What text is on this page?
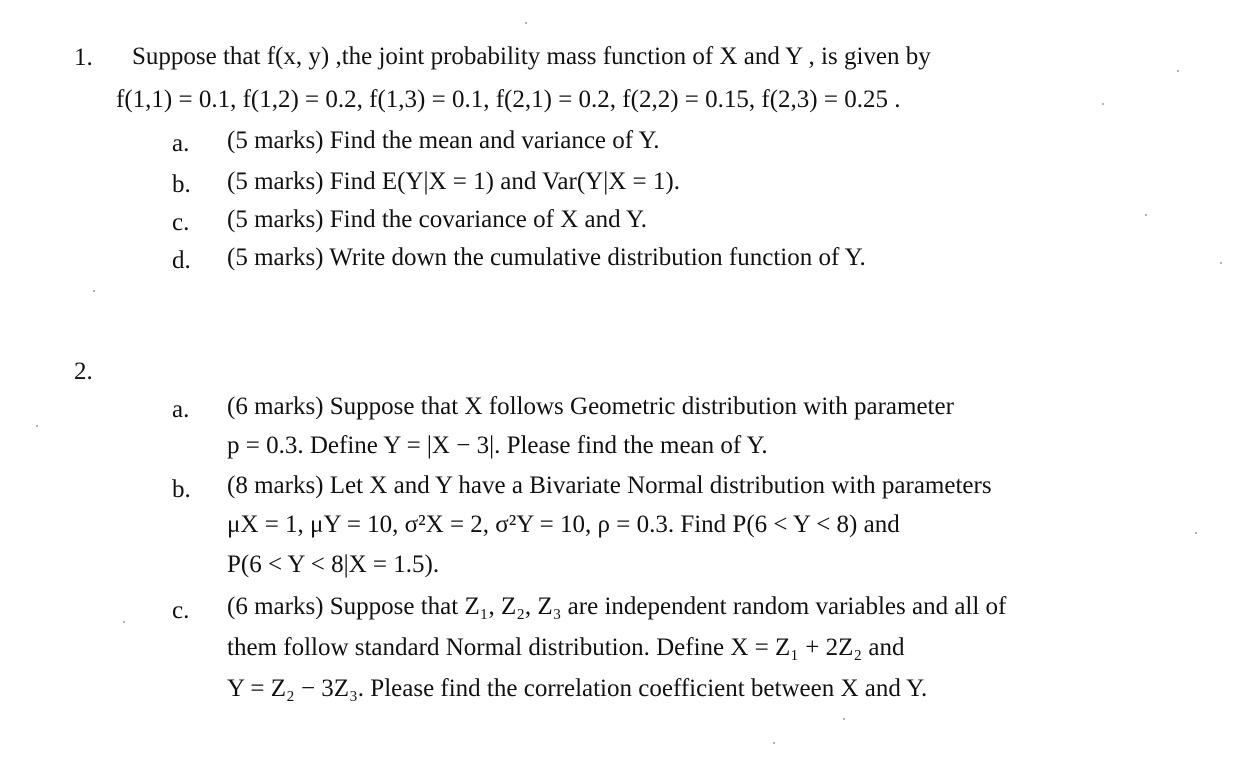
1. Suppose that f(x, y) ,the joint probability mass function of X and Y , is given by
f(1,1) = 0.1, f(1,2) = 0.2, f(1,3) = 0.1, f(2,1) = 0.2, f(2,2) = 0.15, f(2,3) = 0.25 .
a. (5 marks) Find the mean and variance of Y.
b. (5 marks) Find E(Y|X = 1) and Var(Y|X = 1).
c. (5 marks) Find the covariance of X and Y.
d. (5 marks) Write down the cumulative distribution function of Y.
2.
a. (6 marks) Suppose that X follows Geometric distribution with parameter
p = 0.3. Define Y = |X − 3|. Please find the mean of Y.
b. (8 marks) Let X and Y have a Bivariate Normal distribution with parameters
μX = 1, μY = 10, σ²X = 2, σ²Y = 10, ρ = 0.3. Find P(6 < Y < 8) and
P(6 < Y < 8|X = 1.5).
c. (6 marks) Suppose that Z₁, Z₂, Z₃ are independent random variables and all of
them follow standard Normal distribution. Define X = Z₁ + 2Z₂ and
Y = Z₂ − 3Z₃. Please find the correlation coefficient between X and Y.
